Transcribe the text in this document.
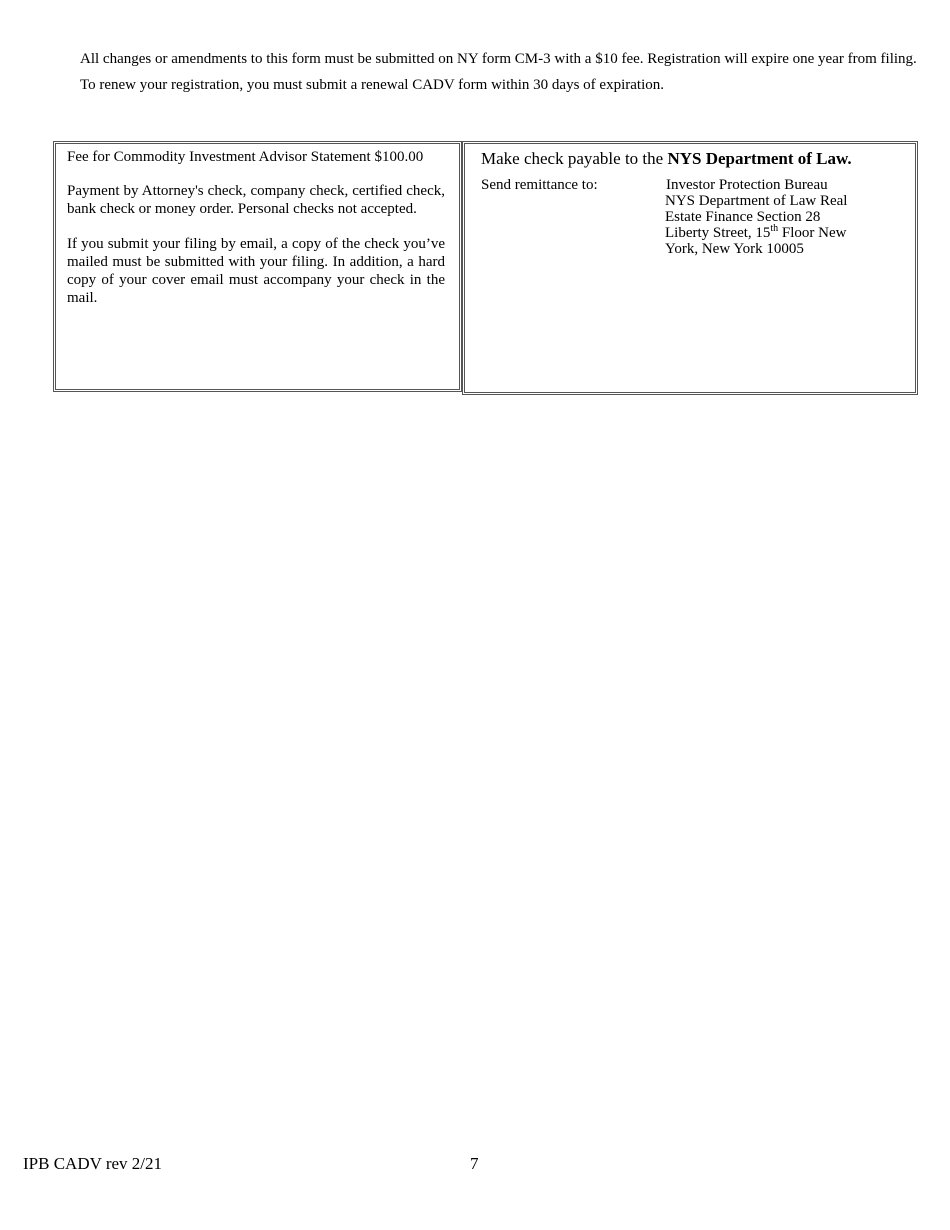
All changes or amendments to this form must be submitted on NY form CM-3 with a $10 fee. Registration will expire one year from filing. To renew your registration, you must submit a renewal CADV form within 30 days of expiration.

Fee for Commodity Investment Advisor Statement $100.00

Payment by Attorney's check, company check, certified check, bank check or money order. Personal checks not accepted.

If you submit your filing by email, a copy of the check you’ve mailed must be submitted with your filing. In addition, a hard copy of your cover email must accompany your check in the mail.

Make check payable to the NYS Department of Law.

Send remittance to:	Investor Protection Bureau
NYS Department of Law Real
Estate Finance Section 28
Liberty Street, 15th Floor New
York, New York 10005
IPB CADV rev 2/21	7
